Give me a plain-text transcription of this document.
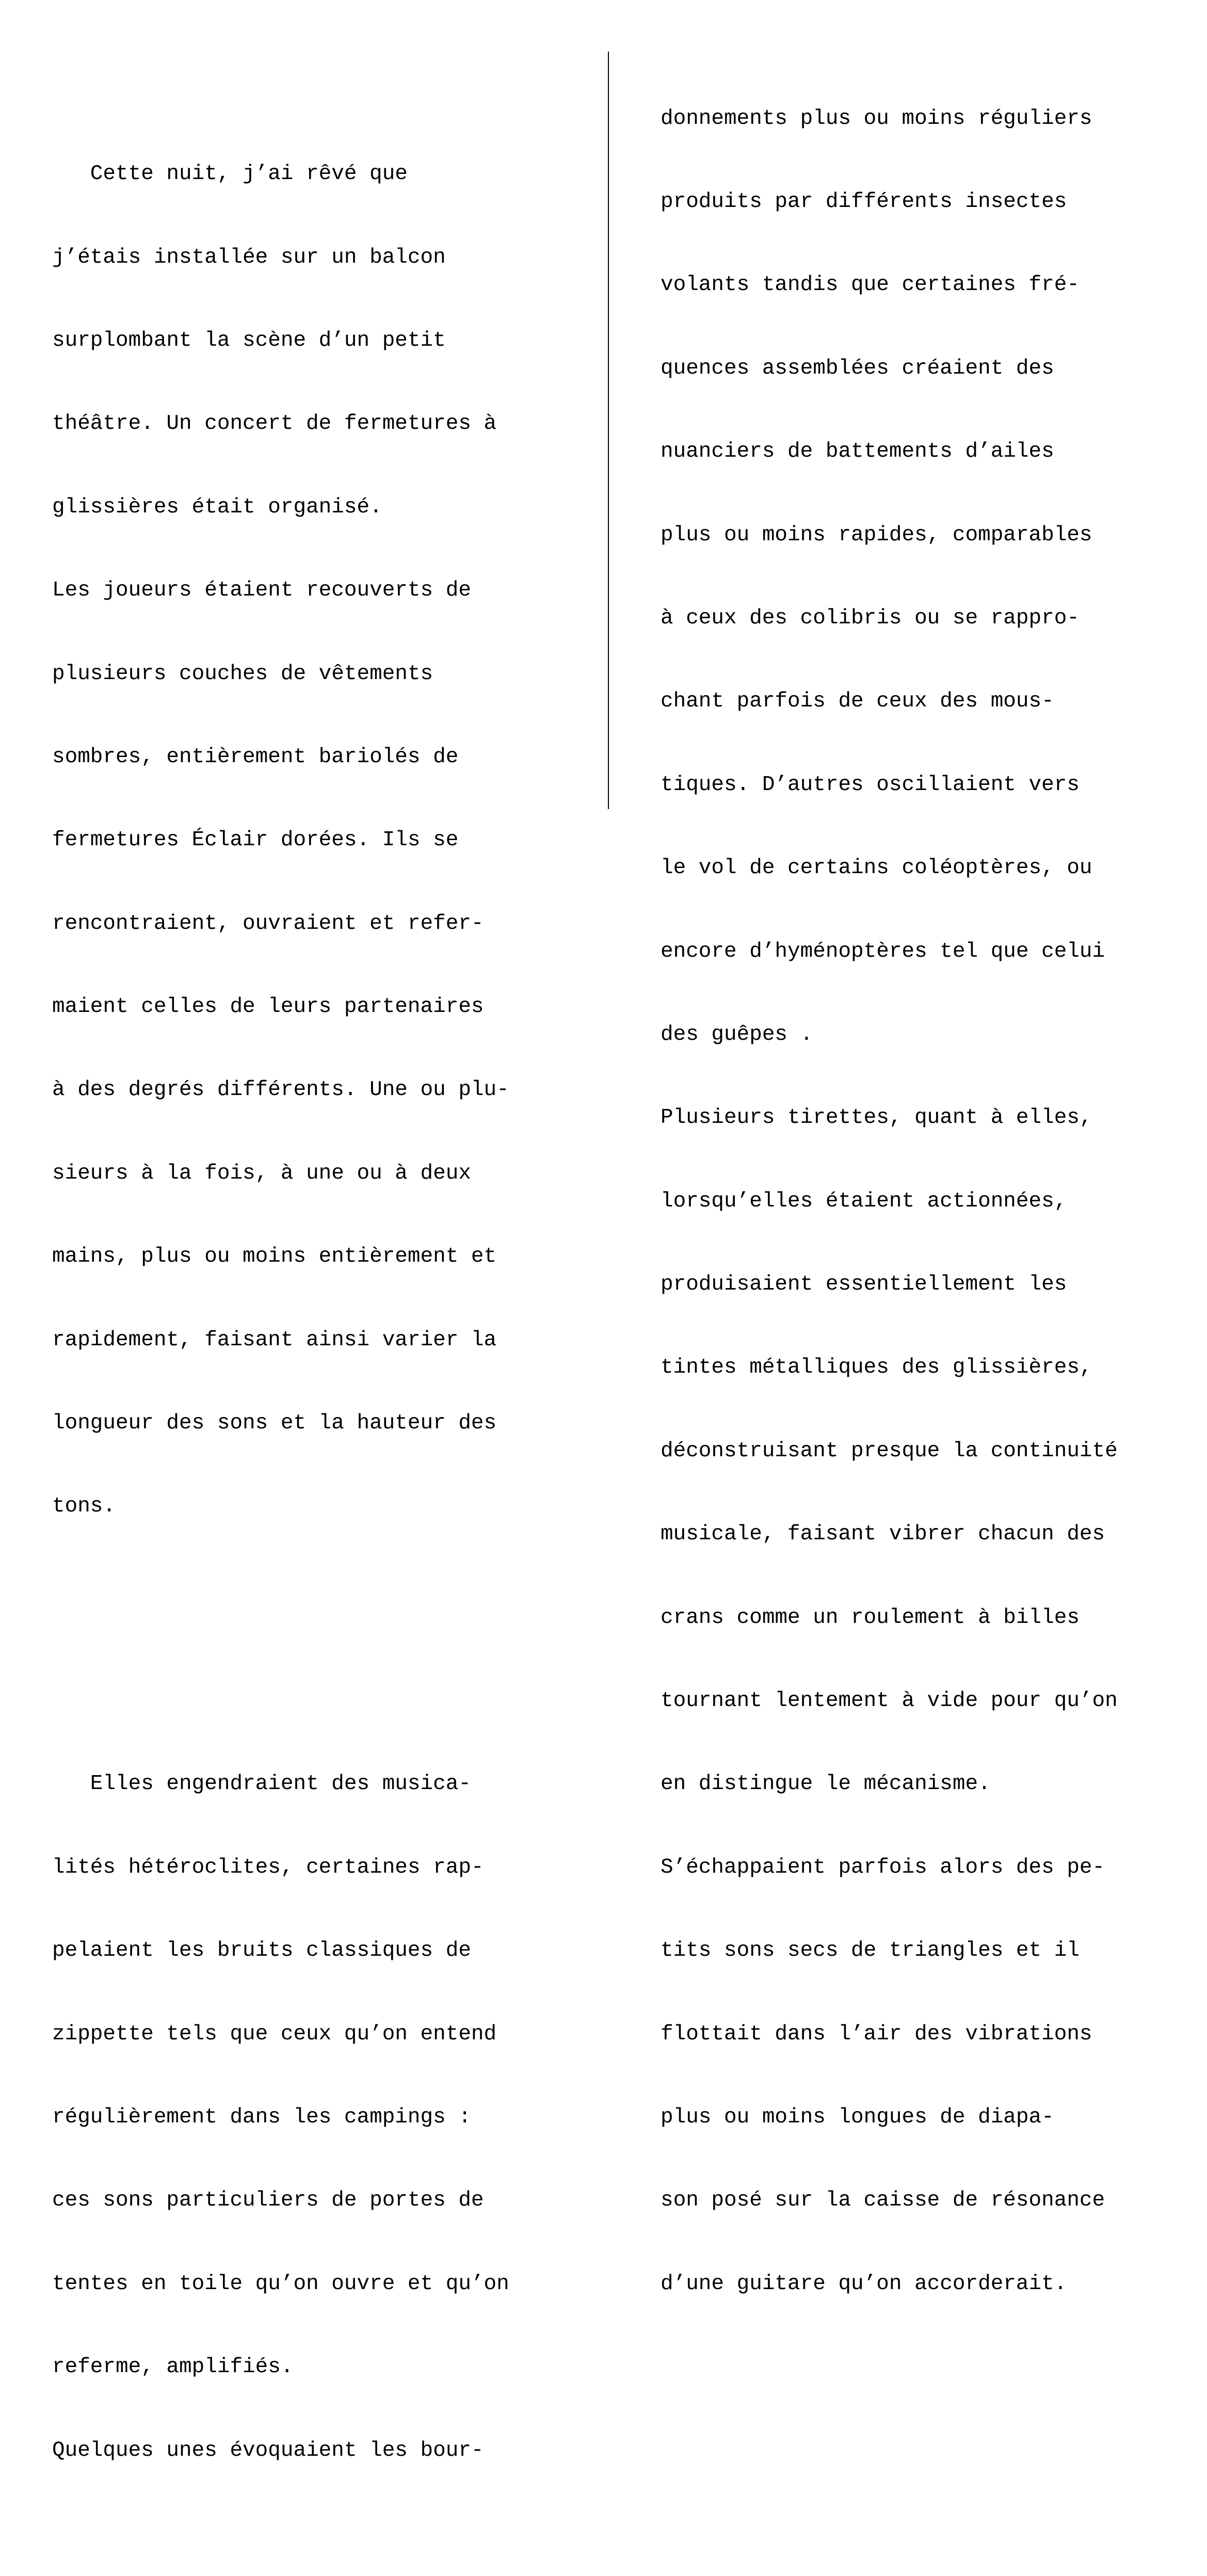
Cette nuit, j’ai rêvé que

j’étais installée sur un balcon

surplombant la scène d’un petit

théâtre. Un concert de fermetures à

glissières était organisé.

Les joueurs étaient recouverts de

plusieurs couches de vêtements

sombres, entièrement bariolés de

fermetures Éclair dorées. Ils se

rencontraient, ouvraient et refer-

maient celles de leurs partenaires

à des degrés différents. Une ou plu-

sieurs à la fois, à une ou à deux

mains, plus ou moins entièrement et

rapidement, faisant ainsi varier la

longueur des sons et la hauteur des

tons.

Elles engendraient des musica-

lités hétéroclites, certaines rap-

pelaient les bruits classiques de

zippette tels que ceux qu’on entend

régulièrement dans les campings :

ces sons particuliers de portes de

tentes en toile qu’on ouvre et qu’on

referme, amplifiés.

Quelques unes évoquaient les bour-

donnements plus ou moins réguliers

produits par différents insectes

volants tandis que certaines fré-

quences assemblées créaient des

nuanciers de battements d’ailes

plus ou moins rapides, comparables

à ceux des colibris ou se rappro-

chant parfois de ceux des mous-

tiques. D’autres oscillaient vers

le vol de certains coléoptères, ou

encore d’hyménoptères tel que celui

des guêpes .

Plusieurs tirettes, quant à elles,

lorsqu’elles étaient actionnées,

produisaient essentiellement les

tintes métalliques des glissières,

déconstruisant presque la continuité

musicale, faisant vibrer chacun des

crans comme un roulement à billes

tournant lentement à vide pour qu’on

en distingue le mécanisme.

S’échappaient parfois alors des pe-

tits sons secs de triangles et il

flottait dans l’air des vibrations

plus ou moins longues de diapa-

son posé sur la caisse de résonance

d’une guitare qu’on accorderait.
